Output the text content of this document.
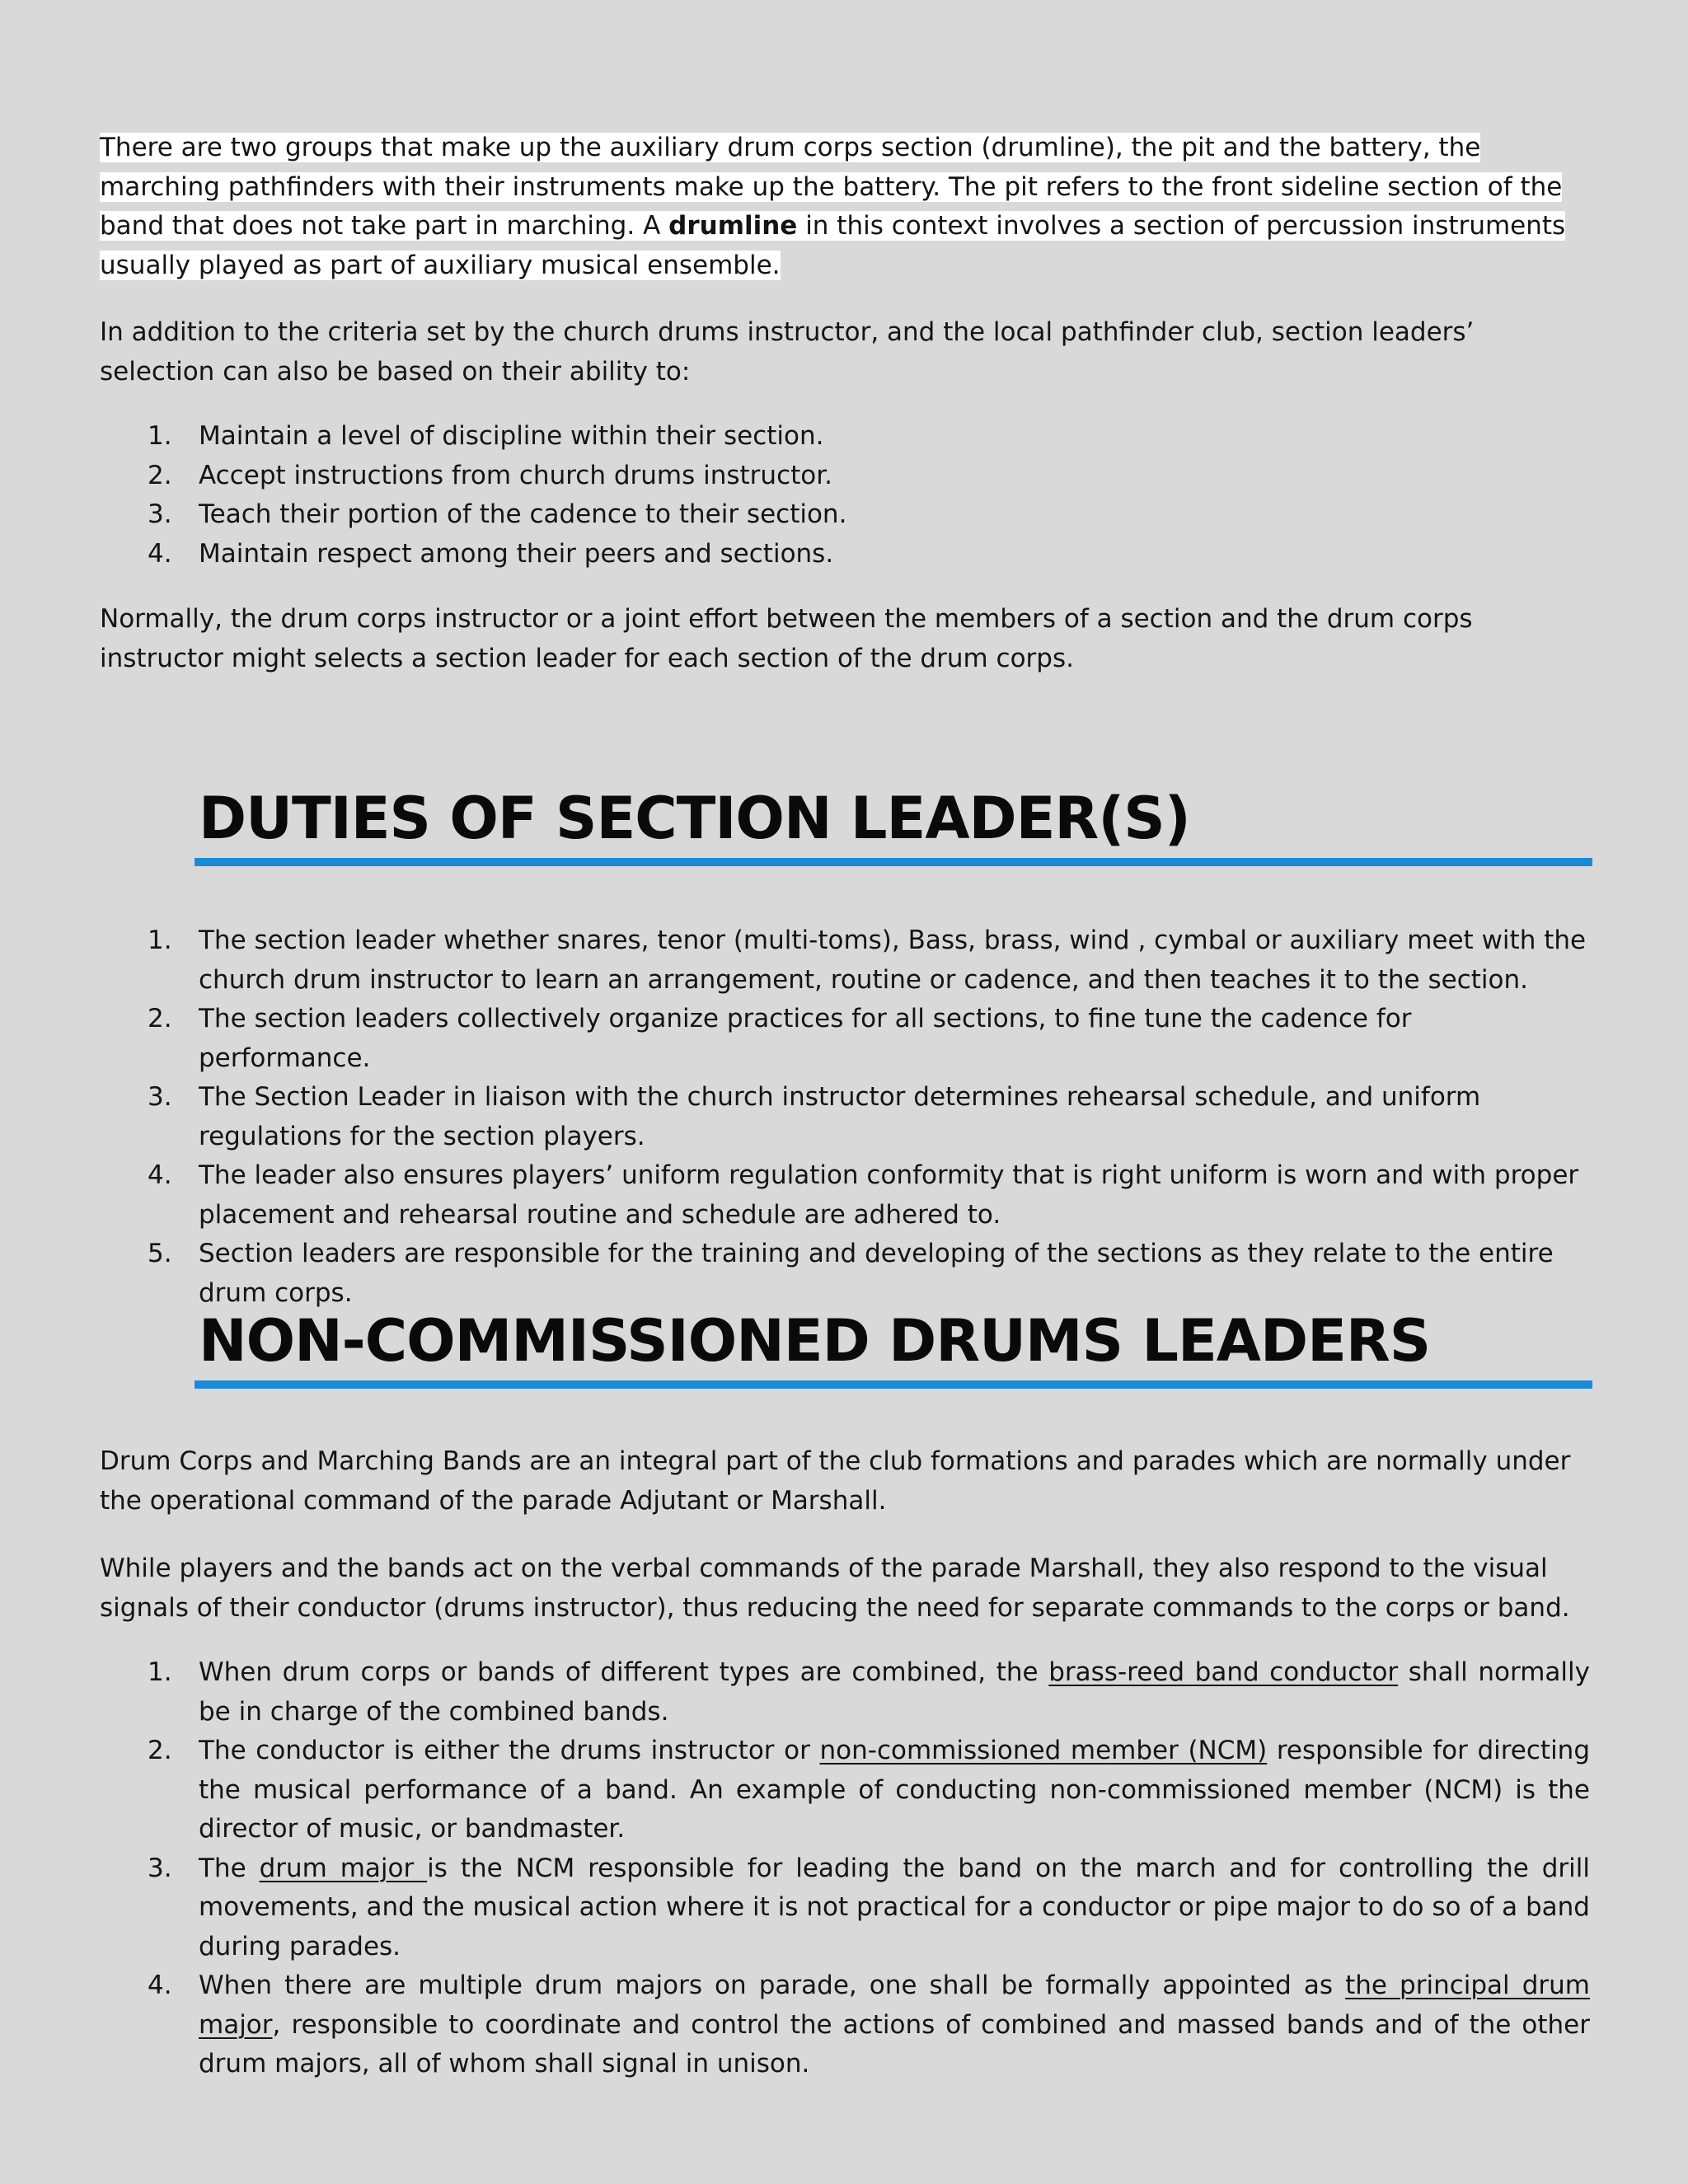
There are two groups that make up the auxiliary drum corps section (drumline), the pit and the battery, the marching pathfinders with their instruments make up the battery. The pit refers to the front sideline section of the band that does not take part in marching. A drumline in this context involves a section of percussion instruments usually played as part of auxiliary musical ensemble.

In addition to the criteria set by the church drums instructor, and the local pathfinder club, section leaders’ selection can also be based on their ability to:

1. Maintain a level of discipline within their section.
2. Accept instructions from church drums instructor.
3. Teach their portion of the cadence to their section.
4. Maintain respect among their peers and sections.

Normally, the drum corps instructor or a joint effort between the members of a section and the drum corps instructor might selects a section leader for each section of the drum corps.

DUTIES OF SECTION LEADER(S)
1. The section leader whether snares, tenor (multi-toms), Bass, brass, wind , cymbal or auxiliary meet with the church drum instructor to learn an arrangement, routine or cadence, and then teaches it to the section.
2. The section leaders collectively organize practices for all sections, to fine tune the cadence for performance.
3. The Section Leader in liaison with the church instructor determines rehearsal schedule, and uniform regulations for the section players.
4. The leader also ensures players’ uniform regulation conformity that is right uniform is worn and with proper placement and rehearsal routine and schedule are adhered to.
5. Section leaders are responsible for the training and developing of the sections as they relate to the entire drum corps.
NON-COMMISSIONED DRUMS LEADERS

Drum Corps and Marching Bands are an integral part of the club formations and parades which are normally under the operational command of the parade Adjutant or Marshall.

While players and the bands act on the verbal commands of the parade Marshall, they also respond to the visual signals of their conductor (drums instructor), thus reducing the need for separate commands to the corps or band.

1. When drum corps or bands of different types are combined, the brass-reed band conductor shall normally be in charge of the combined bands.
2. The conductor is either the drums instructor or non-commissioned member (NCM) responsible for directing the musical performance of a band. An example of conducting non-commissioned member (NCM) is the director of music, or bandmaster.
3. The drum major is the NCM responsible for leading the band on the march and for controlling the drill movements, and the musical action where it is not practical for a conductor or pipe major to do so of a band during parades.
4. When there are multiple drum majors on parade, one shall be formally appointed as the principal drum major, responsible to coordinate and control the actions of combined and massed bands and of the other drum majors, all of whom shall signal in unison.
